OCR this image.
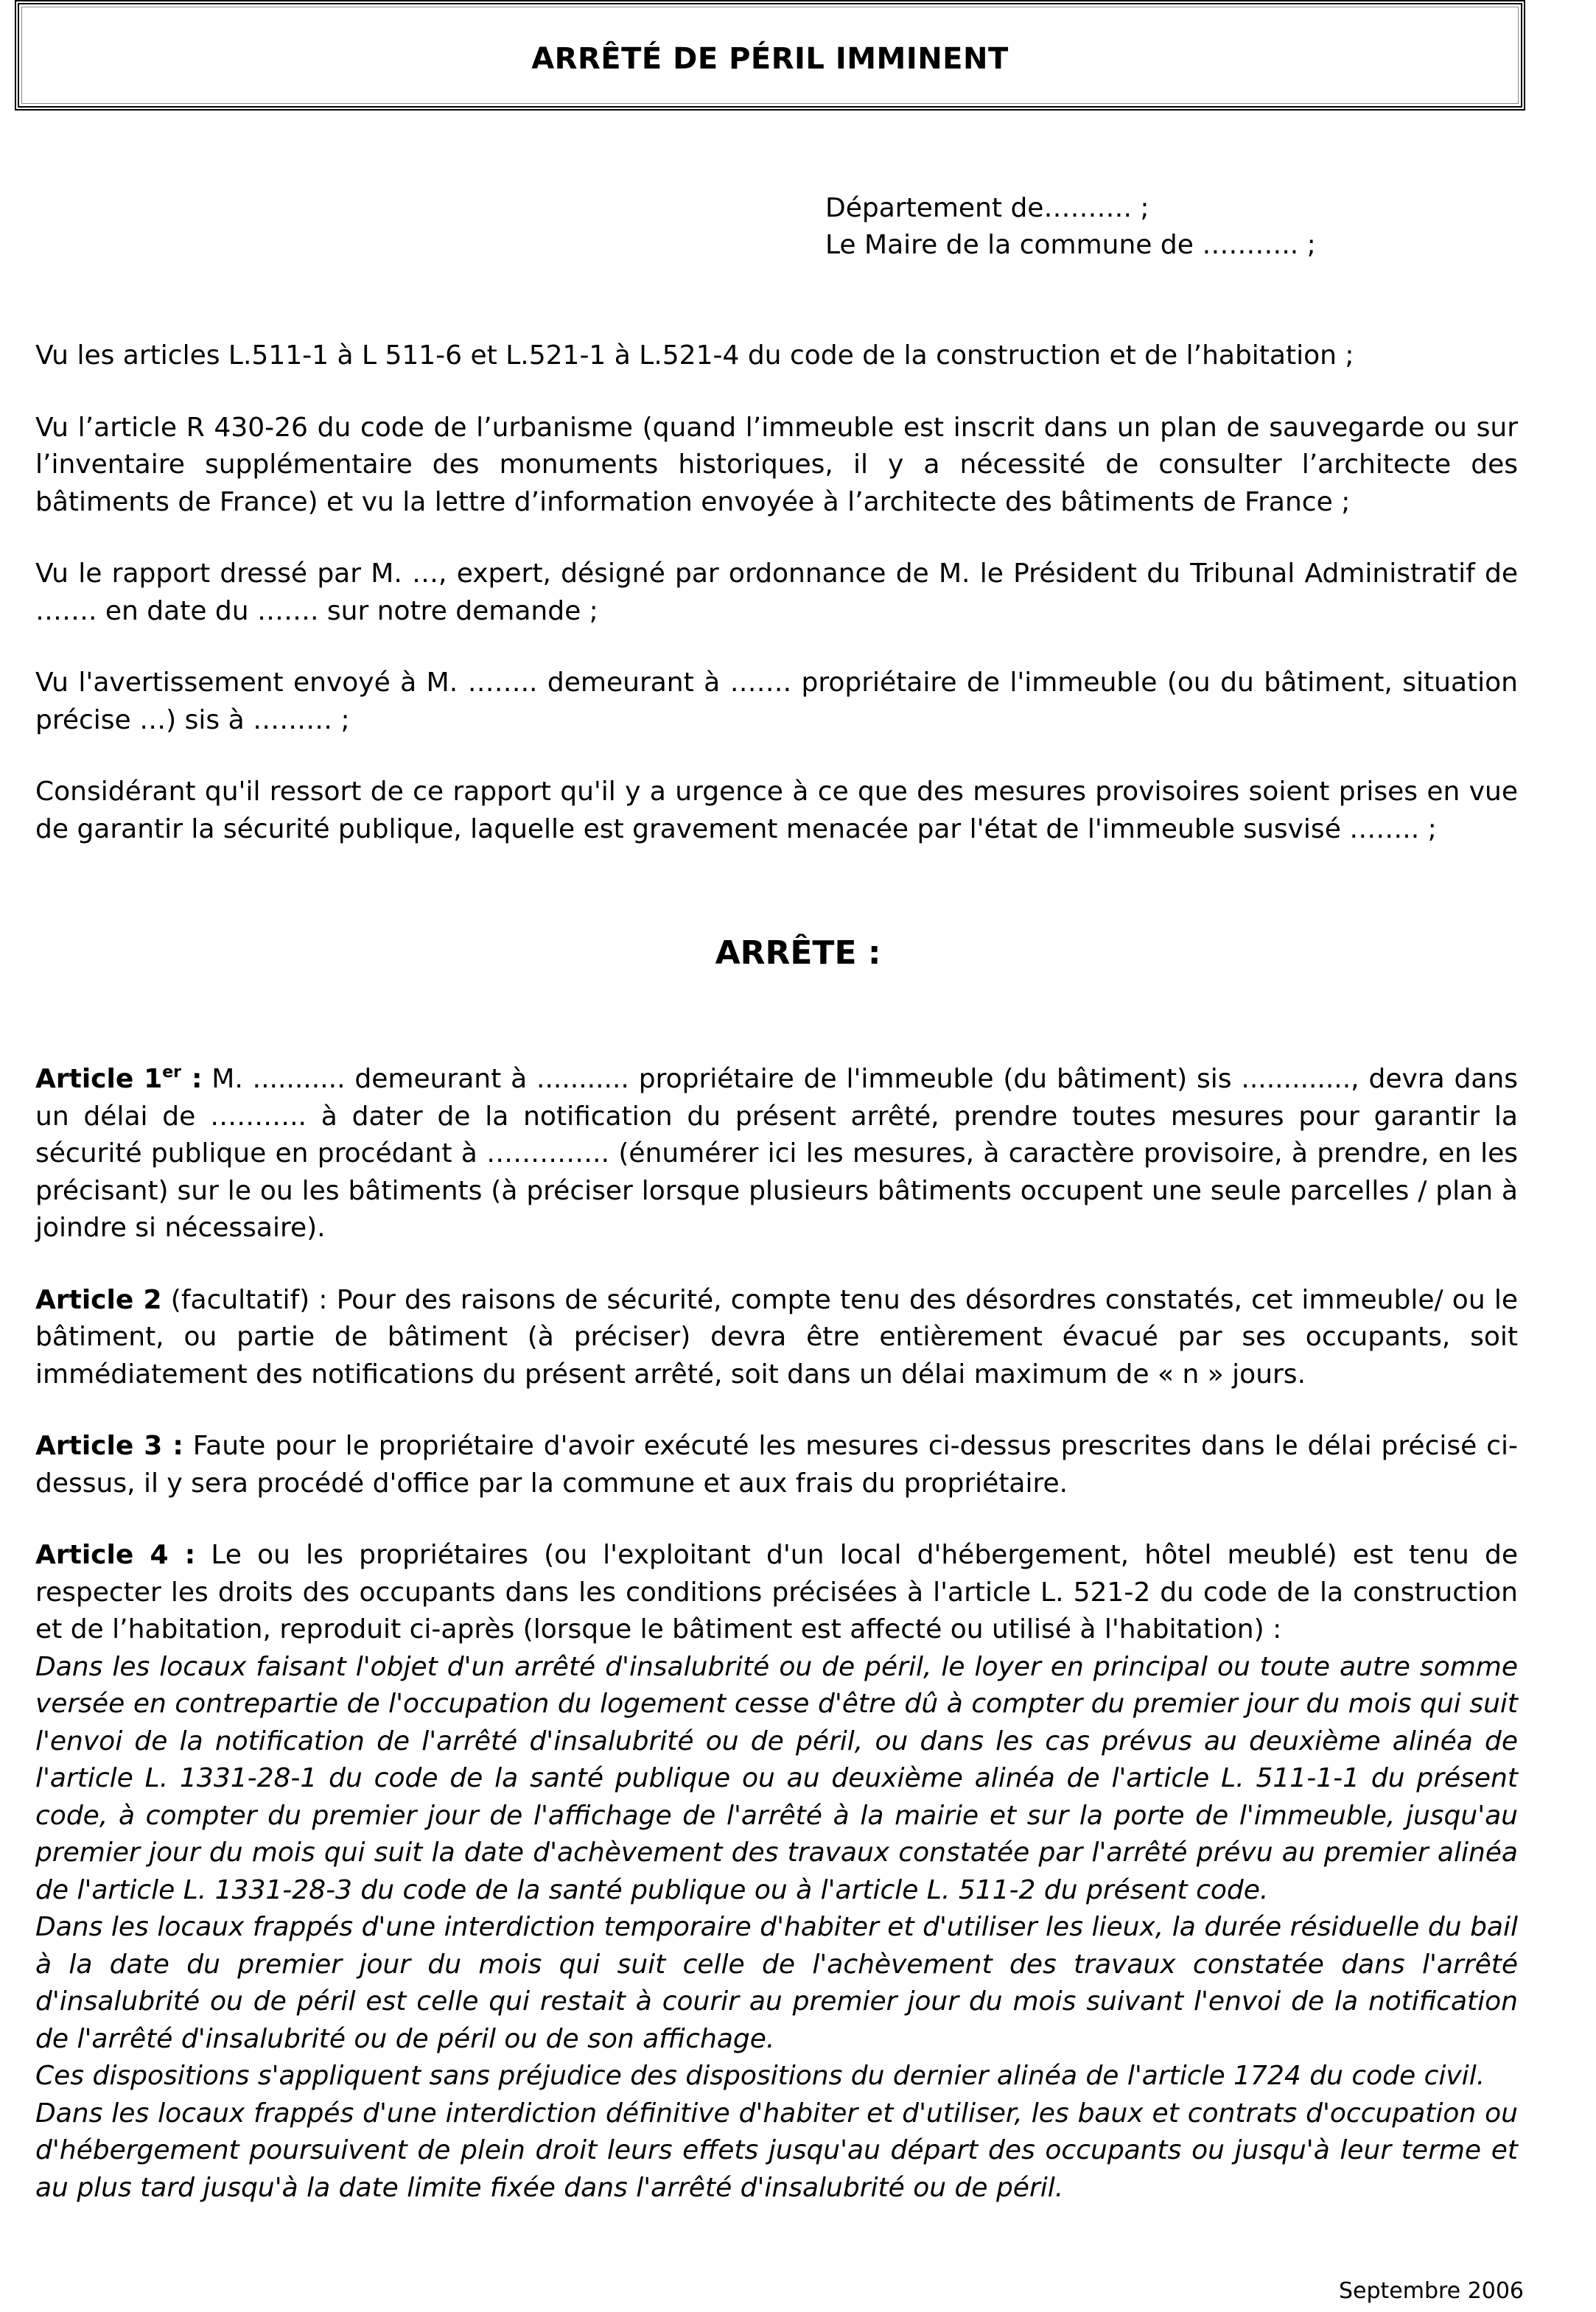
ARRÊTÉ DE PÉRIL IMMINENT
Département de………. ;
Le Maire de la commune de ……….. ;

Vu les articles L.511-1 à L 511-6 et L.521-1 à L.521-4 du code de la construction et de l’habitation ;

Vu l’article R 430-26 du code de l’urbanisme (quand l’immeuble est inscrit dans un plan de sauvegarde ou sur l’inventaire supplémentaire des monuments historiques, il y a nécessité de consulter l’architecte des bâtiments de France) et vu la lettre d’information envoyée à l’architecte des bâtiments de France ;

Vu le rapport dressé par M. …, expert, désigné par ordonnance de M. le Président du Tribunal Administratif de ……. en date du ……. sur notre demande ;

Vu l'avertissement envoyé à M. …….. demeurant à ……. propriétaire de l'immeuble (ou du bâtiment, situation précise …) sis à ……… ;

Considérant qu'il ressort de ce rapport qu'il y a urgence à ce que des mesures provisoires soient prises en vue de garantir la sécurité publique, laquelle est gravement menacée par l'état de l'immeuble susvisé …….. ;

ARRÊTE :

Article 1er : M. ........... demeurant à ........... propriétaire de l'immeuble (du bâtiment) sis ............., devra dans un délai de ……….. à dater de la notification du présent arrêté, prendre toutes mesures pour garantir la sécurité publique en procédant à ………….. (énumérer ici les mesures, à caractère provisoire, à prendre, en les précisant) sur le ou les bâtiments (à préciser lorsque plusieurs bâtiments occupent une seule parcelles / plan à joindre si nécessaire).

Article 2 (facultatif) : Pour des raisons de sécurité, compte tenu des désordres constatés, cet immeuble/ ou le bâtiment, ou partie de bâtiment (à préciser) devra être entièrement évacué par ses occupants, soit immédiatement des notifications du présent arrêté, soit dans un délai maximum de « n » jours.

Article 3 : Faute pour le propriétaire d'avoir exécuté les mesures ci-dessus prescrites dans le délai précisé ci-dessus, il y sera procédé d'office par la commune et aux frais du propriétaire.

Article 4 : Le ou les propriétaires (ou l'exploitant d'un local d'hébergement, hôtel meublé) est tenu de respecter les droits des occupants dans les conditions précisées à l'article L. 521-2 du code de la construction et de l’habitation, reproduit ci-après (lorsque le bâtiment est affecté ou utilisé à l'habitation) :

Dans les locaux faisant l'objet d'un arrêté d'insalubrité ou de péril, le loyer en principal ou toute autre somme versée en contrepartie de l'occupation du logement cesse d'être dû à compter du premier jour du mois qui suit l'envoi de la notification de l'arrêté d'insalubrité ou de péril, ou dans les cas prévus au deuxième alinéa de l'article L. 1331-28-1 du code de la santé publique ou au deuxième alinéa de l'article L. 511-1-1 du présent code, à compter du premier jour de l'affichage de l'arrêté à la mairie et sur la porte de l'immeuble, jusqu'au premier jour du mois qui suit la date d'achèvement des travaux constatée par l'arrêté prévu au premier alinéa de l'article L. 1331-28-3 du code de la santé publique ou à l'article L. 511-2 du présent code.

Dans les locaux frappés d'une interdiction temporaire d'habiter et d'utiliser les lieux, la durée résiduelle du bail à la date du premier jour du mois qui suit celle de l'achèvement des travaux constatée dans l'arrêté d'insalubrité ou de péril est celle qui restait à courir au premier jour du mois suivant l'envoi de la notification de l'arrêté d'insalubrité ou de péril ou de son affichage.

Ces dispositions s'appliquent sans préjudice des dispositions du dernier alinéa de l'article 1724 du code civil.

Dans les locaux frappés d'une interdiction définitive d'habiter et d'utiliser, les baux et contrats d'occupation ou d'hébergement poursuivent de plein droit leurs effets jusqu'au départ des occupants ou jusqu'à leur terme et au plus tard jusqu'à la date limite fixée dans l'arrêté d'insalubrité ou de péril.

Septembre 2006
